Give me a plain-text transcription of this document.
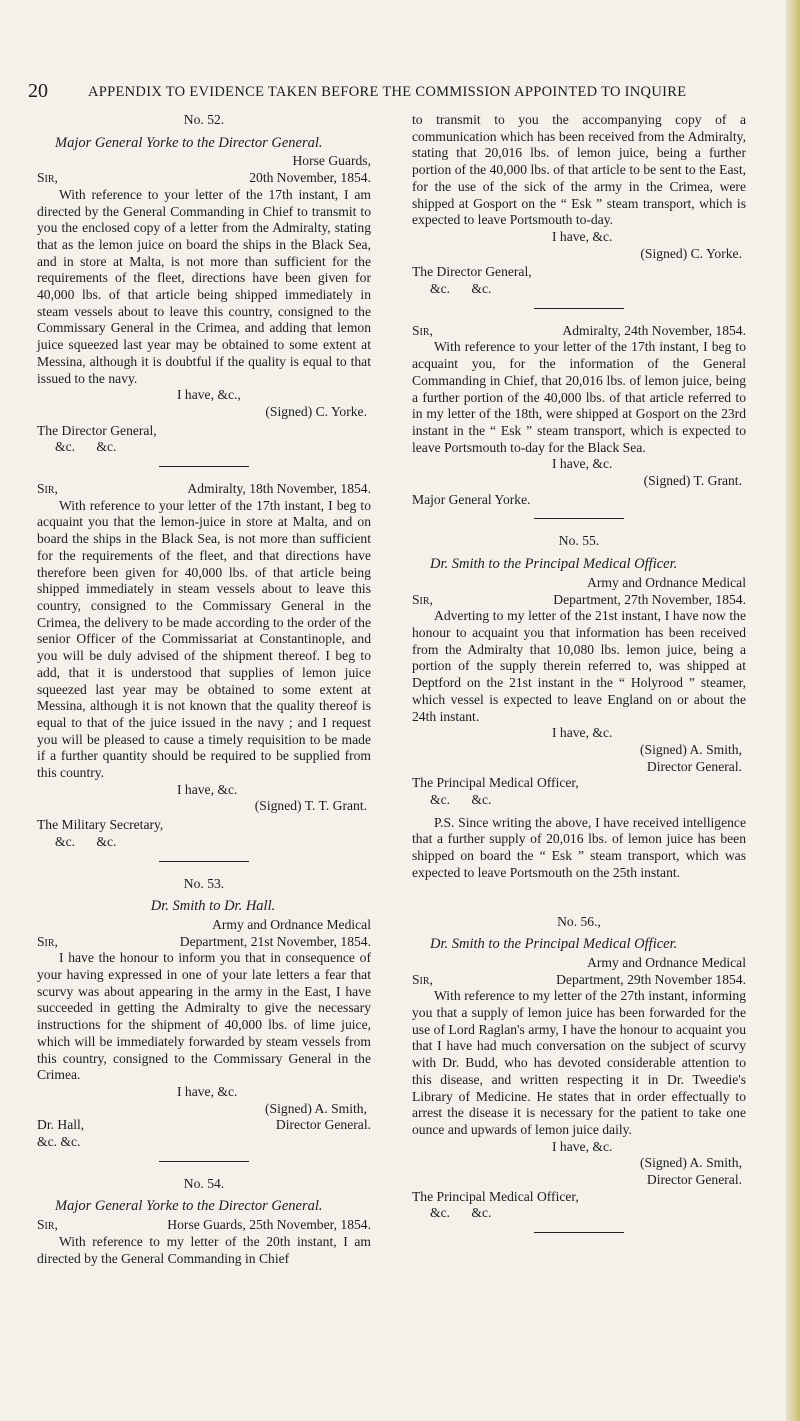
20	APPENDIX TO EVIDENCE TAKEN BEFORE THE COMMISSION APPOINTED TO INQUIRE
No. 52.
Major General Yorke to the Director General.
Horse Guards,
Sir,	20th November, 1854.

With reference to your letter of the 17th instant, I am directed by the General Commanding in Chief to transmit to you the enclosed copy of a letter from the Admiralty, stating that as the lemon juice on board the ships in the Black Sea, and in store at Malta, is not more than sufficient for the requirements of the fleet, directions have been given for 40,000 lbs. of that article being shipped immediately in steam vessels about to leave this country, consigned to the Commissary General in the Crimea, and adding that lemon juice squeezed last year may be obtained to some extent at Messina, although it is doubtful if the quality is equal to that issued to the navy.

I have, &c.,
(Signed) C. Yorke.
The Director General,
&c. &c.
Sir,	Admiralty, 18th November, 1854.

With reference to your letter of the 17th instant, I beg to acquaint you that the lemon-juice in store at Malta, and on board the ships in the Black Sea, is not more than sufficient for the requirements of the fleet, and that directions have therefore been given for 40,000 lbs. of that article being shipped immediately in steam vessels about to leave this country, consigned to the Commissary General in the Crimea, the delivery to be made according to the order of the senior Officer of the Commissariat at Constantinople, and you will be duly advised of the shipment thereof. I beg to add, that it is understood that supplies of lemon juice squeezed last year may be obtained to some extent at Messina, although it is not known that the quality thereof is equal to that of the juice issued in the navy ; and I request you will be pleased to cause a timely requisition to be made if a further quantity should be required to be supplied from this country.

I have, &c.
(Signed) T. T. Grant.
The Military Secretary,
&c. &c.
No. 53.
Dr. Smith to Dr. Hall.
Army and Ordnance Medical
Sir,	Department, 21st November, 1854.

I have the honour to inform you that in consequence of your having expressed in one of your late letters a fear that scurvy was about appearing in the army in the East, I have succeeded in getting the Admiralty to give the necessary instructions for the shipment of 40,000 lbs. of lime juice, which will be immediately forwarded by steam vessels from this country, consigned to the Commissary General in the Crimea.

I have, &c.
(Signed) A. Smith,
Dr. Hall,	Director General.
&c. &c.
No. 54.
Major General Yorke to the Director General.
Sir,	Horse Guards, 25th November, 1854.

With reference to my letter of the 20th instant, I am directed by the General Commanding in Chief

to transmit to you the accompanying copy of a communication which has been received from the Admiralty, stating that 20,016 lbs. of lemon juice, being a further portion of the 40,000 lbs. of that article to be sent to the East, for the use of the sick of the army in the Crimea, were shipped at Gosport on the “ Esk ” steam transport, which is expected to leave Portsmouth to-day.

I have, &c.
(Signed) C. Yorke.
The Director General,
&c. &c.
Sir,	Admiralty, 24th November, 1854.

With reference to your letter of the 17th instant, I beg to acquaint you, for the information of the General Commanding in Chief, that 20,016 lbs. of lemon juice, being a further portion of the 40,000 lbs. of that article referred to in my letter of the 18th, were shipped at Gosport on the 23rd instant in the “ Esk ” steam transport, which is expected to leave Portsmouth to-day for the Black Sea.

I have, &c.
(Signed) T. Grant.
Major General Yorke.
No. 55.
Dr. Smith to the Principal Medical Officer.
Army and Ordnance Medical
Sir,	Department, 27th November, 1854.

Adverting to my letter of the 21st instant, I have now the honour to acquaint you that information has been received from the Admiralty that 10,080 lbs. lemon juice, being a portion of the supply therein referred to, was shipped at Deptford on the 21st instant in the “ Holyrood ” steamer, which vessel is expected to leave England on or about the 24th instant.

I have, &c.
(Signed) A. Smith,
Director General.
The Principal Medical Officer,
&c. &c.

P.S. Since writing the above, I have received intelligence that a further supply of 20,016 lbs. of lemon juice has been shipped on board the “ Esk ” steam transport, which was expected to leave Portsmouth on the 25th instant.

No. 56.,
Dr. Smith to the Principal Medical Officer.
Army and Ordnance Medical
Sir,	Department, 29th November 1854.

With reference to my letter of the 27th instant, informing you that a supply of lemon juice has been forwarded for the use of Lord Raglan's army, I have the honour to acquaint you that I have had much conversation on the subject of scurvy with Dr. Budd, who has devoted considerable attention to this disease, and written respecting it in Dr. Tweedie's Library of Medicine. He states that in order effectually to arrest the disease it is necessary for the patient to take one ounce and upwards of lemon juice daily.

I have, &c.
(Signed) A. Smith,
Director General.
The Principal Medical Officer,
&c. &c.
